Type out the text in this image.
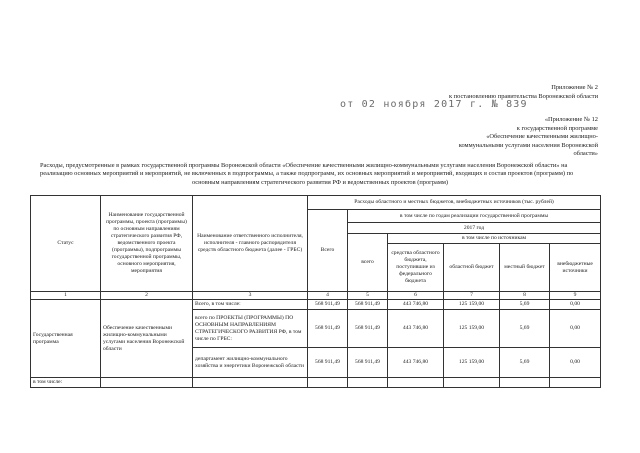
Приложение № 2
к постановлению правительства Воронежской области
от 02 ноября 2017 г. № 839
«Приложение № 12
к государственной программе
«Обеспечение качественными жилищно-
коммунальными услугами населения Воронежской
области»
Расходы, предусмотренные в рамках государственной программы Воронежской области «Обеспечение качественными жилищно-коммунальными услугами населения Воронежской области» на реализацию основных мероприятий и мероприятий, не включенных в подпрограммы, а также подпрограмм, их основных мероприятий и мероприятий, входящих в состав проектов (программ) по
основным направлениям стратегического развития РФ и ведомственных проектов (программ)
Статус	Наименование государственной программы, проекта (программы) по основным направлениям стратегического развития РФ, ведомственного проекта (программы), подпрограммы государственной программы, основного мероприятия, мероприятия	Наименование ответственного исполнителя, исполнителя - главного распорядителя средств областного бюджета (далее - ГРБС)	Расходы областного и местных бюджетов, внебюджетных источников (тыс. рублей)					
			Всего	в том числе по годам реализации государственной программы				
				2017 год				
				всего	в том числе по источникам			
					средства областного бюджета, поступившие из федерального бюджета	областной бюджет	местный бюджет	внебюджетные источники
1	2	3	4	5	6	7	8	9
Государственная программа	Обеспечение качественными жилищно-коммунальными услугами населения Воронежской области	Всего, в том числе:	568 911,49	568 911,49	443 746,80	125 159,00	5,69	0,00
		всего по ПРОЕКТЫ (ПРОГРАММЫ) ПО ОСНОВНЫМ НАПРАВЛЕНИЯМ СТРАТЕГИЧЕСКОГО РАЗВИТИЯ РФ, в том числе по ГРБС:	568 911,49	568 911,49	443 746,80	125 159,00	5,69	0,00
		департамент жилищно-коммунального хозяйства и энергетики Воронежской области	568 911,49	568 911,49	443 746,80	125 159,00	5,69	0,00
в том числе:								
